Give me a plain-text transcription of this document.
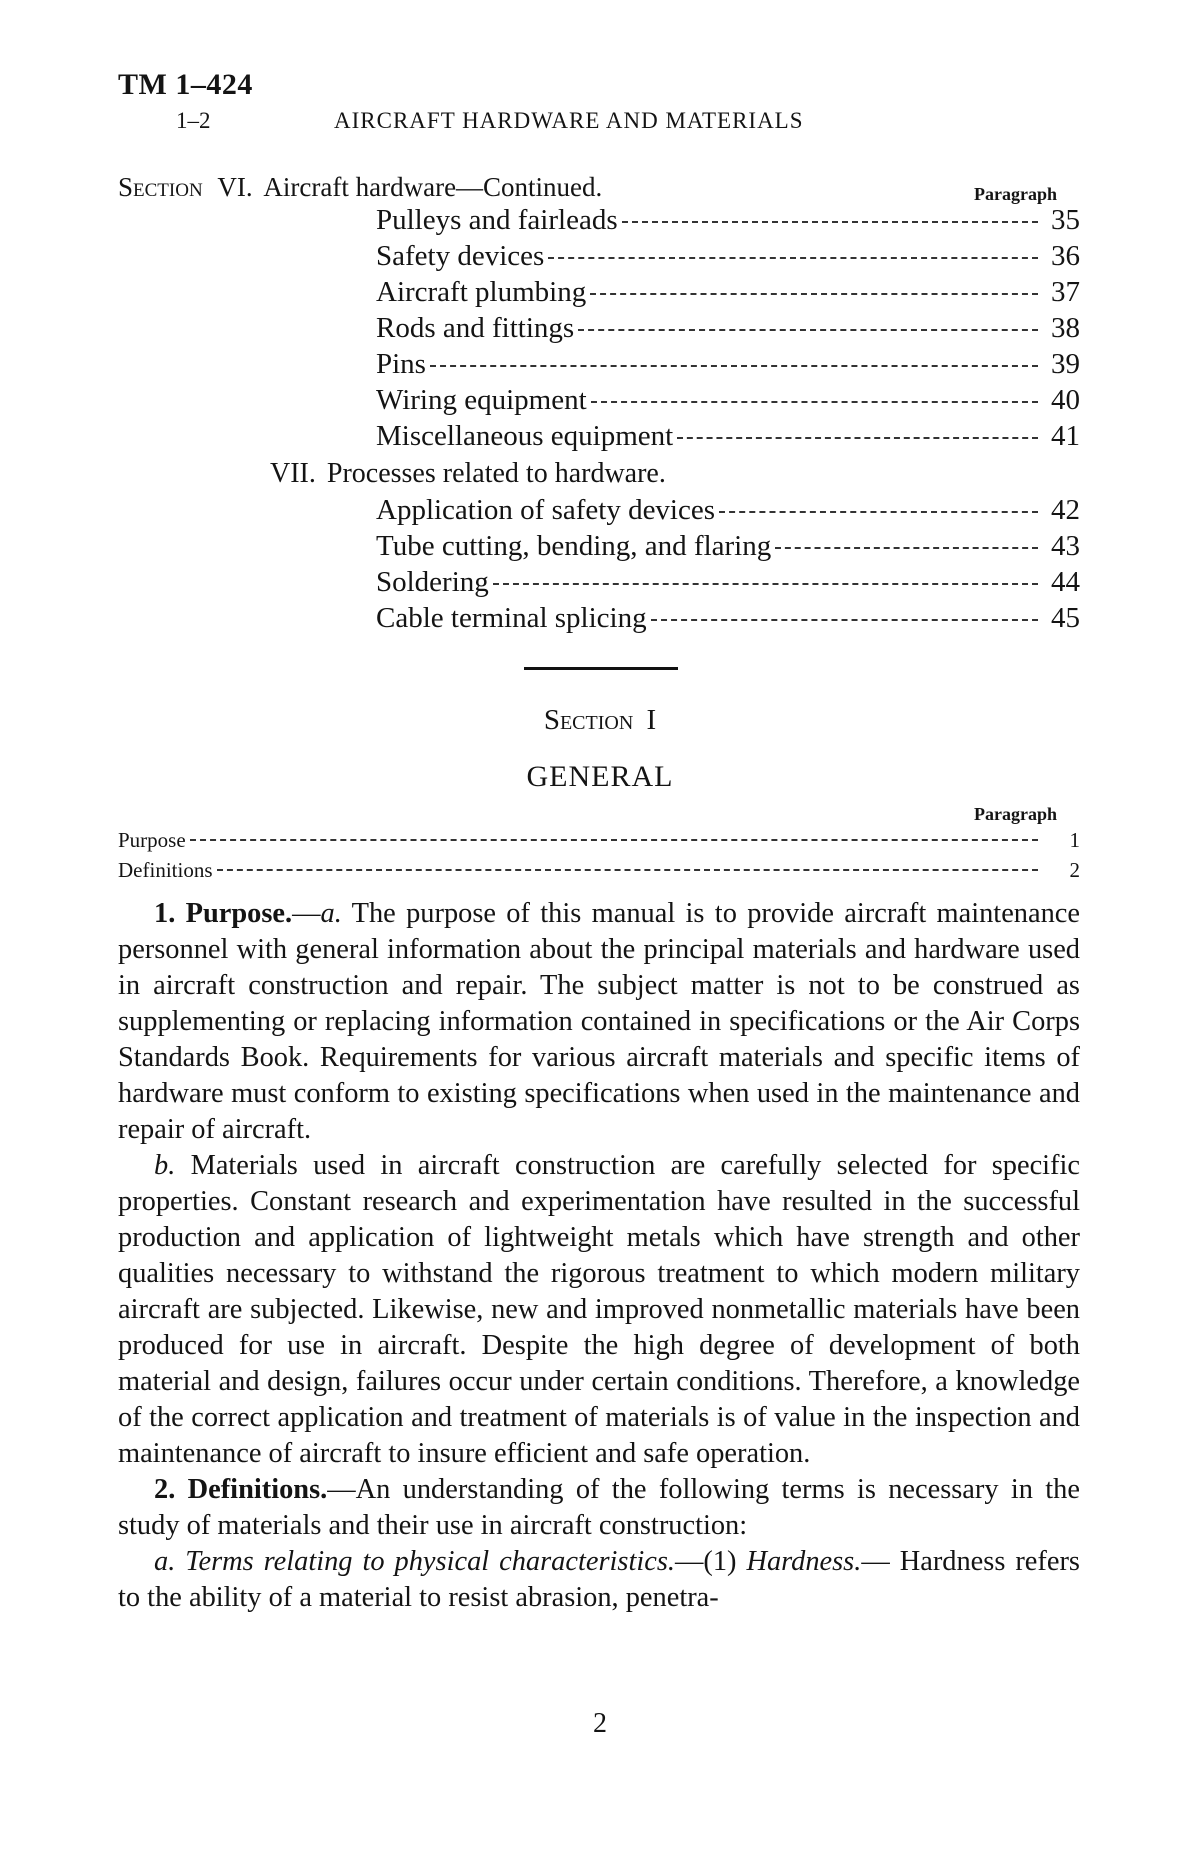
TM 1–424
1–2	AIRCRAFT HARDWARE AND MATERIALS
Section VI. Aircraft hardware—Continued.	Paragraph
Pulleys and fairleads	35
Safety devices	36
Aircraft plumbing	37
Rods and fittings	38
Pins	39
Wiring equipment	40
Miscellaneous equipment	41
VII. Processes related to hardware.
Application of safety devices	42
Tube cutting, bending, and flaring	43
Soldering	44
Cable terminal splicing	45
Section I
GENERAL
Paragraph
Purpose	1
Definitions	2

1. Purpose.—a. The purpose of this manual is to provide aircraft maintenance personnel with general information about the principal materials and hardware used in aircraft construction and repair. The subject matter is not to be construed as supplementing or replacing information contained in specifications or the Air Corps Standards Book. Requirements for various aircraft materials and specific items of hardware must conform to existing specifications when used in the maintenance and repair of aircraft.

b. Materials used in aircraft construction are carefully selected for specific properties. Constant research and experimentation have resulted in the successful production and application of lightweight metals which have strength and other qualities necessary to withstand the rigorous treatment to which modern military aircraft are subjected. Likewise, new and improved nonmetallic materials have been produced for use in aircraft. Despite the high degree of development of both material and design, failures occur under certain conditions. Therefore, a knowledge of the correct application and treatment of materials is of value in the inspection and maintenance of aircraft to insure efficient and safe operation.

2. Definitions.—An understanding of the following terms is necessary in the study of materials and their use in aircraft construction:

a. Terms relating to physical characteristics.—(1) Hardness.— Hardness refers to the ability of a material to resist abrasion, penetra-

2
